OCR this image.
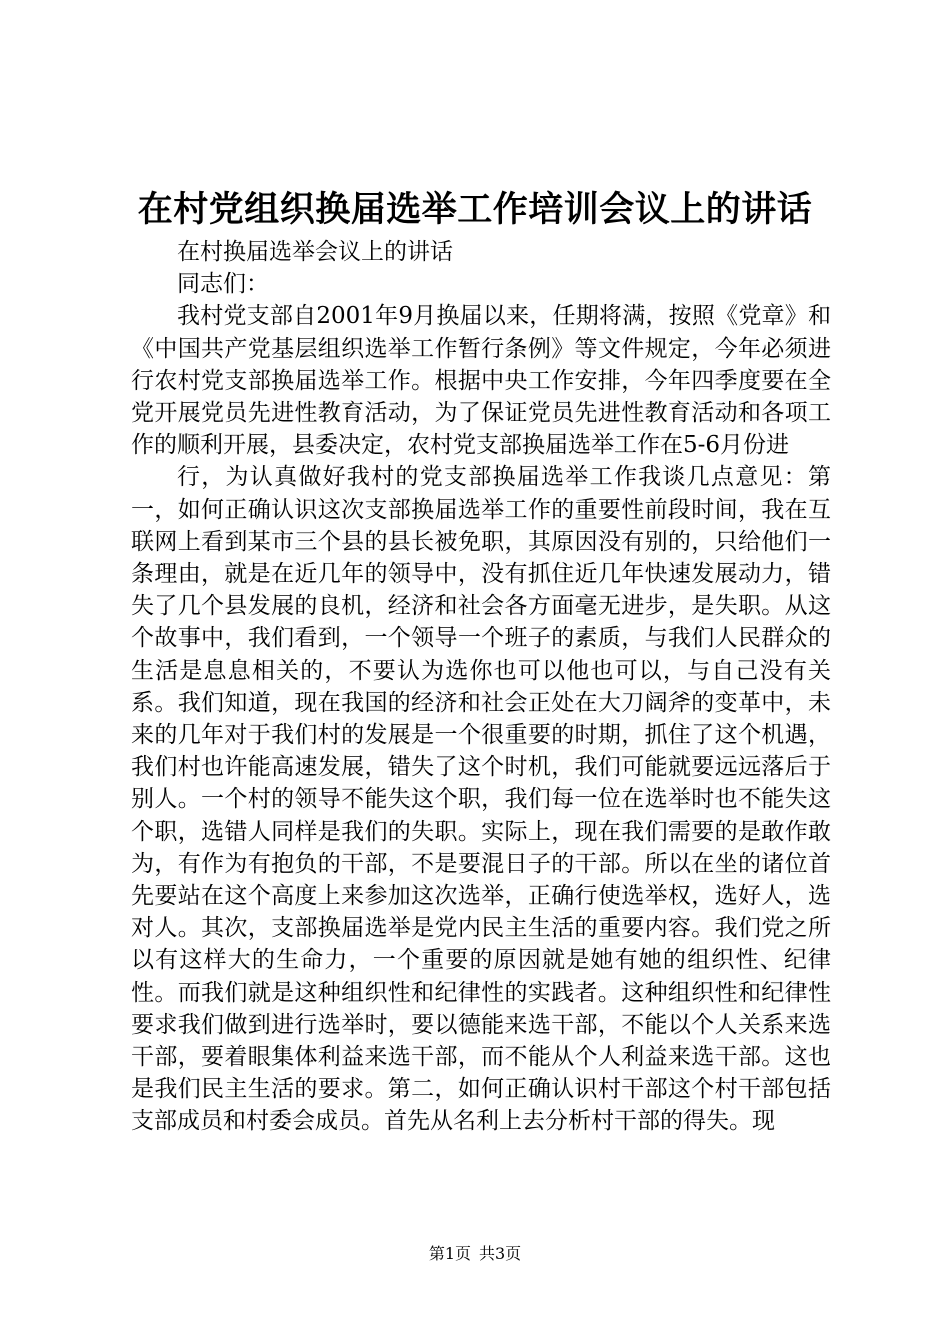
在村党组织换届选举工作培训会议上的讲话

在村换届选举会议上的讲话

同志们：

我村党支部自2001年9月换届以来，任期将满，按照《党章》和《中国共产党基层组织选举工作暂行条例》等文件规定，今年必须进行农村党支部换届选举工作。根据中央工作安排，今年四季度要在全党开展党员先进性教育活动，为了保证党员先进性教育活动和各项工作的顺利开展，县委决定，农村党支部换届选举工作在5-6月份进

行，为认真做好我村的党支部换届选举工作我谈几点意见：第一，如何正确认识这次支部换届选举工作的重要性前段时间，我在互联网上看到某市三个县的县长被免职，其原因没有别的，只给他们一条理由，就是在近几年的领导中，没有抓住近几年快速发展动力，错失了几个县发展的良机，经济和社会各方面毫无进步，是失职。从这个故事中，我们看到，一个领导一个班子的素质，与我们人民群众的生活是息息相关的，不要认为选你也可以他也可以，与自己没有关系。我们知道，现在我国的经济和社会正处在大刀阔斧的变革中，未来的几年对于我们村的发展是一个很重要的时期，抓住了这个机遇，我们村也许能高速发展，错失了这个时机，我们可能就要远远落后于别人。一个村的领导不能失这个职，我们每一位在选举时也不能失这个职，选错人同样是我们的失职。实际上，现在我们需要的是敢作敢为，有作为有抱负的干部，不是要混日子的干部。所以在坐的诸位首先要站在这个高度上来参加这次选举，正确行使选举权，选好人，选对人。其次，支部换届选举是党内民主生活的重要内容。我们党之所以有这样大的生命力，一个重要的原因就是她有她的组织性、纪律性。而我们就是这种组织性和纪律性的实践者。这种组织性和纪律性要求我们做到进行选举时，要以德能来选干部，不能以个人关系来选干部，要着眼集体利益来选干部，而不能从个人利益来选干部。这也是我们民主生活的要求。第二，如何正确认识村干部这个村干部包括支部成员和村委会成员。首先从名利上去分析村干部的得失。现

第1页 共3页
